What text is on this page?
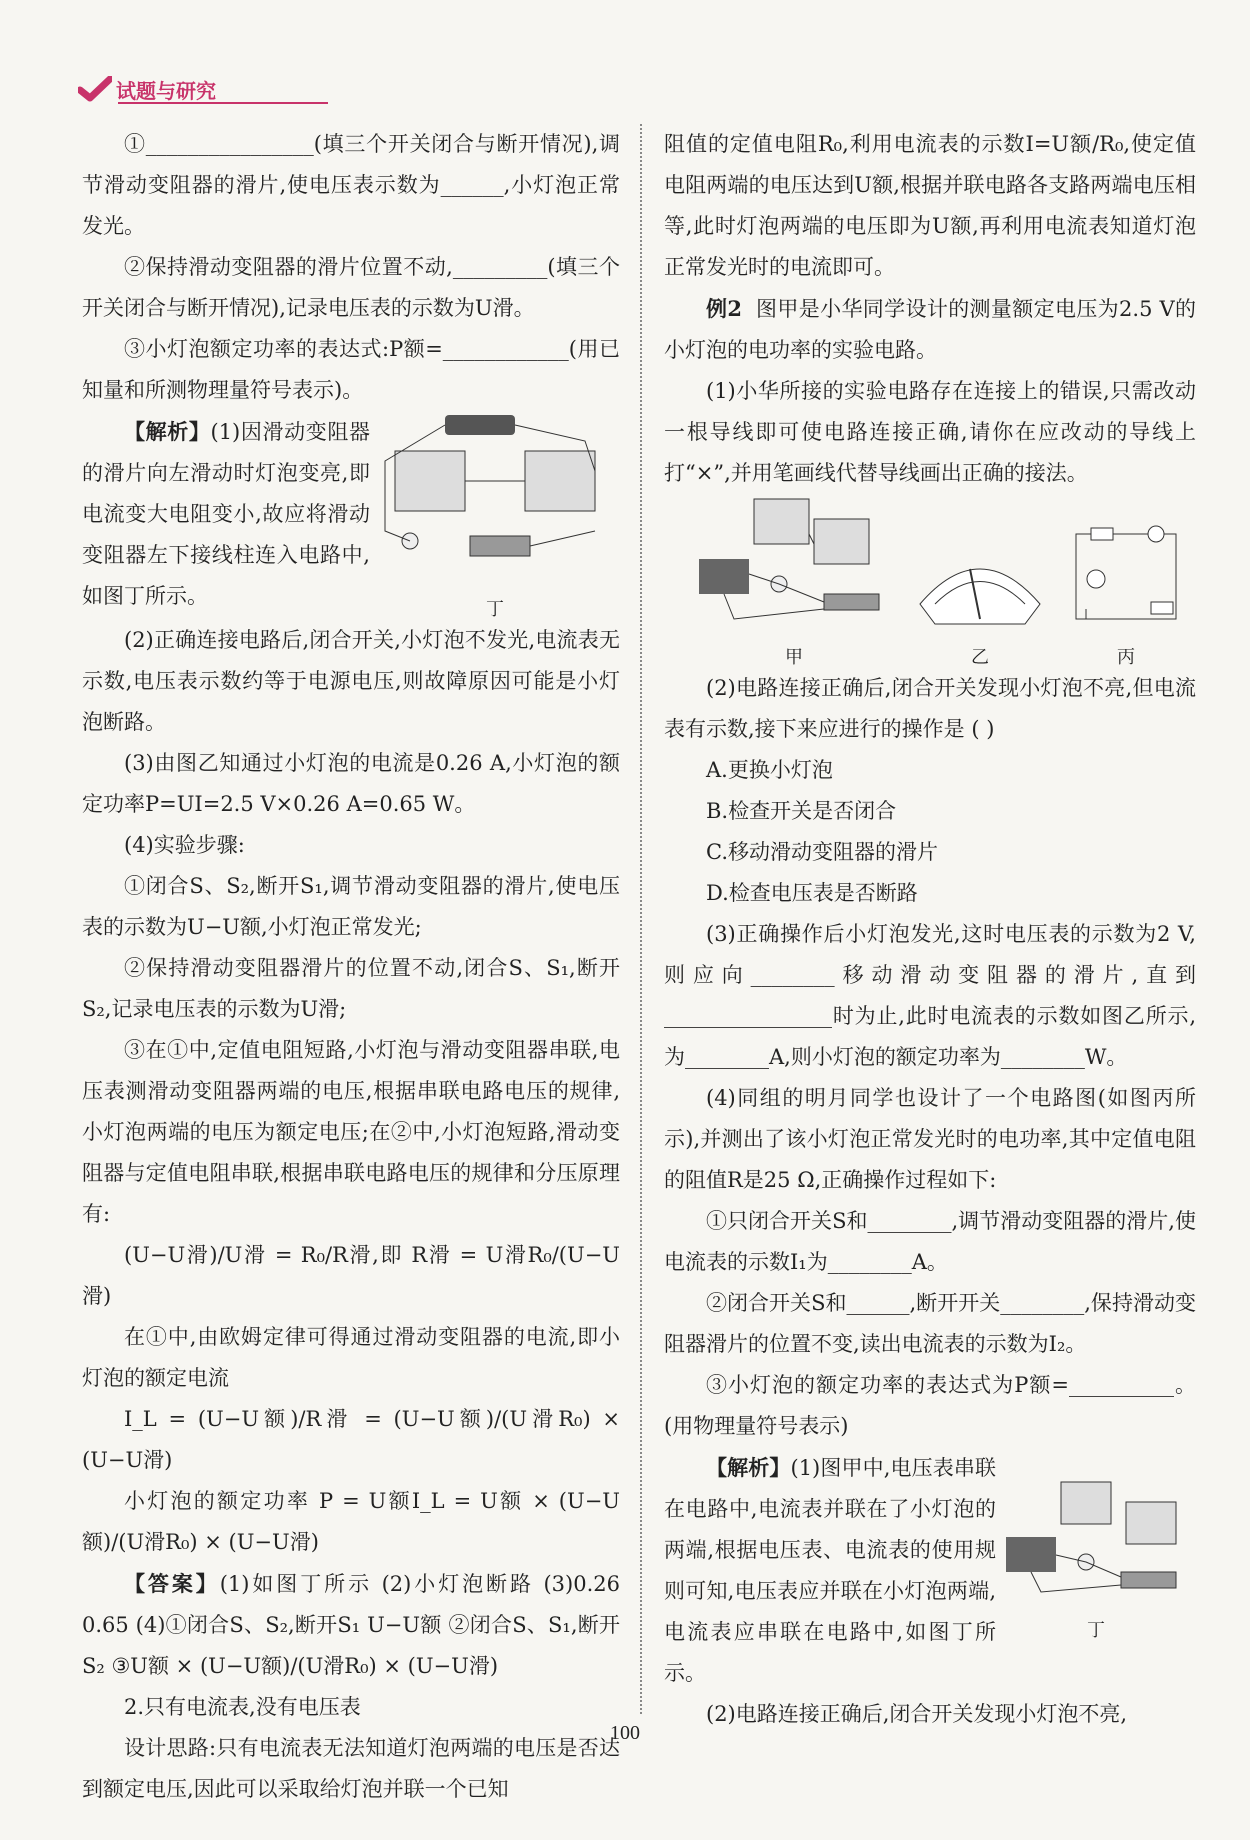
试题与研究

①________________(填三个开关闭合与断开情况),调节滑动变阻器的滑片,使电压表示数为______,小灯泡正常发光。

②保持滑动变阻器的滑片位置不动,_________(填三个开关闭合与断开情况),记录电压表的示数为U滑。

③小灯泡额定功率的表达式:P额=____________(用已知量和所测物理量符号表示)。

【解析】(1)因滑动变阻器的滑片向左滑动时灯泡变亮,即电流变大电阻变小,故应将滑动变阻器左下接线柱连入电路中,如图丁所示。

丁

(2)正确连接电路后,闭合开关,小灯泡不发光,电流表无示数,电压表示数约等于电源电压,则故障原因可能是小灯泡断路。

(3)由图乙知通过小灯泡的电流是0.26 A,小灯泡的额定功率P=UI=2.5 V×0.26 A=0.65 W。

(4)实验步骤:

①闭合S、S₂,断开S₁,调节滑动变阻器的滑片,使电压表的示数为U−U额,小灯泡正常发光;

②保持滑动变阻器滑片的位置不动,闭合S、S₁,断开S₂,记录电压表的示数为U滑;

③在①中,定值电阻短路,小灯泡与滑动变阻器串联,电压表测滑动变阻器两端的电压,根据串联电路电压的规律,小灯泡两端的电压为额定电压;在②中,小灯泡短路,滑动变阻器与定值电阻串联,根据串联电路电压的规律和分压原理有:

(U−U滑)/U滑 = R₀/R滑,即 R滑 = U滑R₀/(U−U滑)

在①中,由欧姆定律可得通过滑动变阻器的电流,即小灯泡的额定电流

I_L = (U−U额)/R滑 = (U−U额)/(U滑R₀) × (U−U滑)

小灯泡的额定功率 P = U额I_L = U额 × (U−U额)/(U滑R₀) × (U−U滑)

【答案】(1)如图丁所示 (2)小灯泡断路 (3)0.26 0.65 (4)①闭合S、S₂,断开S₁ U−U额 ②闭合S、S₁,断开S₂ ③U额 × (U−U额)/(U滑R₀) × (U−U滑)

2.只有电流表,没有电压表

设计思路:只有电流表无法知道灯泡两端的电压是否达到额定电压,因此可以采取给灯泡并联一个已知

阻值的定值电阻R₀,利用电流表的示数I=U额/R₀,使定值电阻两端的电压达到U额,根据并联电路各支路两端电压相等,此时灯泡两端的电压即为U额,再利用电流表知道灯泡正常发光时的电流即可。

例2 图甲是小华同学设计的测量额定电压为2.5 V的小灯泡的电功率的实验电路。

(1)小华所接的实验电路存在连接上的错误,只需改动一根导线即可使电路连接正确,请你在应改动的导线上打“×”,并用笔画线代替导线画出正确的接法。

甲	乙	丙

(2)电路连接正确后,闭合开关发现小灯泡不亮,但电流表有示数,接下来应进行的操作是 ( )

A.更换小灯泡

B.检查开关是否闭合

C.移动滑动变阻器的滑片

D.检查电压表是否断路

(3)正确操作后小灯泡发光,这时电压表的示数为2 V,则应向________移动滑动变阻器的滑片,直到________________时为止,此时电流表的示数如图乙所示,为________A,则小灯泡的额定功率为________W。

(4)同组的明月同学也设计了一个电路图(如图丙所示),并测出了该小灯泡正常发光时的电功率,其中定值电阻的阻值R是25 Ω,正确操作过程如下:

①只闭合开关S和________,调节滑动变阻器的滑片,使电流表的示数I₁为________A。

②闭合开关S和______,断开开关________,保持滑动变阻器滑片的位置不变,读出电流表的示数为I₂。

③小灯泡的额定功率的表达式为P额=__________。(用物理量符号表示)

【解析】(1)图甲中,电压表串联在电路中,电流表并联在了小灯泡的两端,根据电压表、电流表的使用规则可知,电压表应并联在小灯泡两端,电流表应串联在电路中,如图丁所示。

丁

(2)电路连接正确后,闭合开关发现小灯泡不亮,

100
